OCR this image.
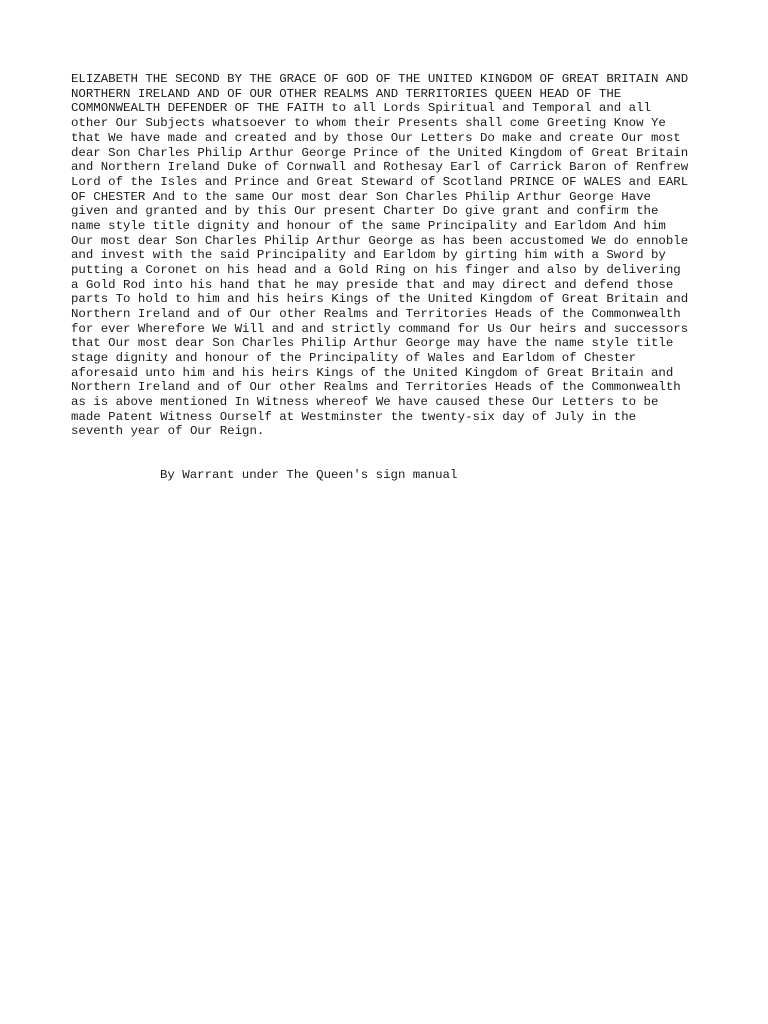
ELIZABETH THE SECOND BY THE GRACE OF GOD OF THE UNITED KINGDOM OF GREAT BRITAIN AND

NORTHERN IRELAND AND OF OUR OTHER REALMS AND TERRITORIES QUEEN HEAD OF THE

COMMONWEALTH DEFENDER OF THE FAITH to all Lords Spiritual and Temporal and all

other Our Subjects whatsoever to whom their Presents shall come Greeting Know Ye

that We have made and created and by those Our Letters Do make and create Our most

dear Son Charles Philip Arthur George Prince of the United Kingdom of Great Britain

and Northern Ireland Duke of Cornwall and Rothesay Earl of Carrick Baron of Renfrew

Lord of the Isles and Prince and Great Steward of Scotland PRINCE OF WALES and EARL

OF CHESTER And to the same Our most dear Son Charles Philip Arthur George Have

given and granted and by this Our present Charter Do give grant and confirm the

name style title dignity and honour of the same Principality and Earldom And him

Our most dear Son Charles Philip Arthur George as has been accustomed We do ennoble

and invest with the said Principality and Earldom by girting him with a Sword by

putting a Coronet on his head and a Gold Ring on his finger and also by delivering

a Gold Rod into his hand that he may preside that and may direct and defend those

parts To hold to him and his heirs Kings of the United Kingdom of Great Britain and

Northern Ireland and of Our other Realms and Territories Heads of the Commonwealth

for ever Wherefore We Will and and strictly command for Us Our heirs and successors

that Our most dear Son Charles Philip Arthur George may have the name style title

stage dignity and honour of the Principality of Wales and Earldom of Chester

aforesaid unto him and his heirs Kings of the United Kingdom of Great Britain and

Northern Ireland and of Our other Realms and Territories Heads of the Commonwealth

as is above mentioned In Witness whereof We have caused these Our Letters to be

made Patent Witness Ourself at Westminster the twenty-six day of July in the

seventh year of Our Reign.

By Warrant under The Queen's sign manual
